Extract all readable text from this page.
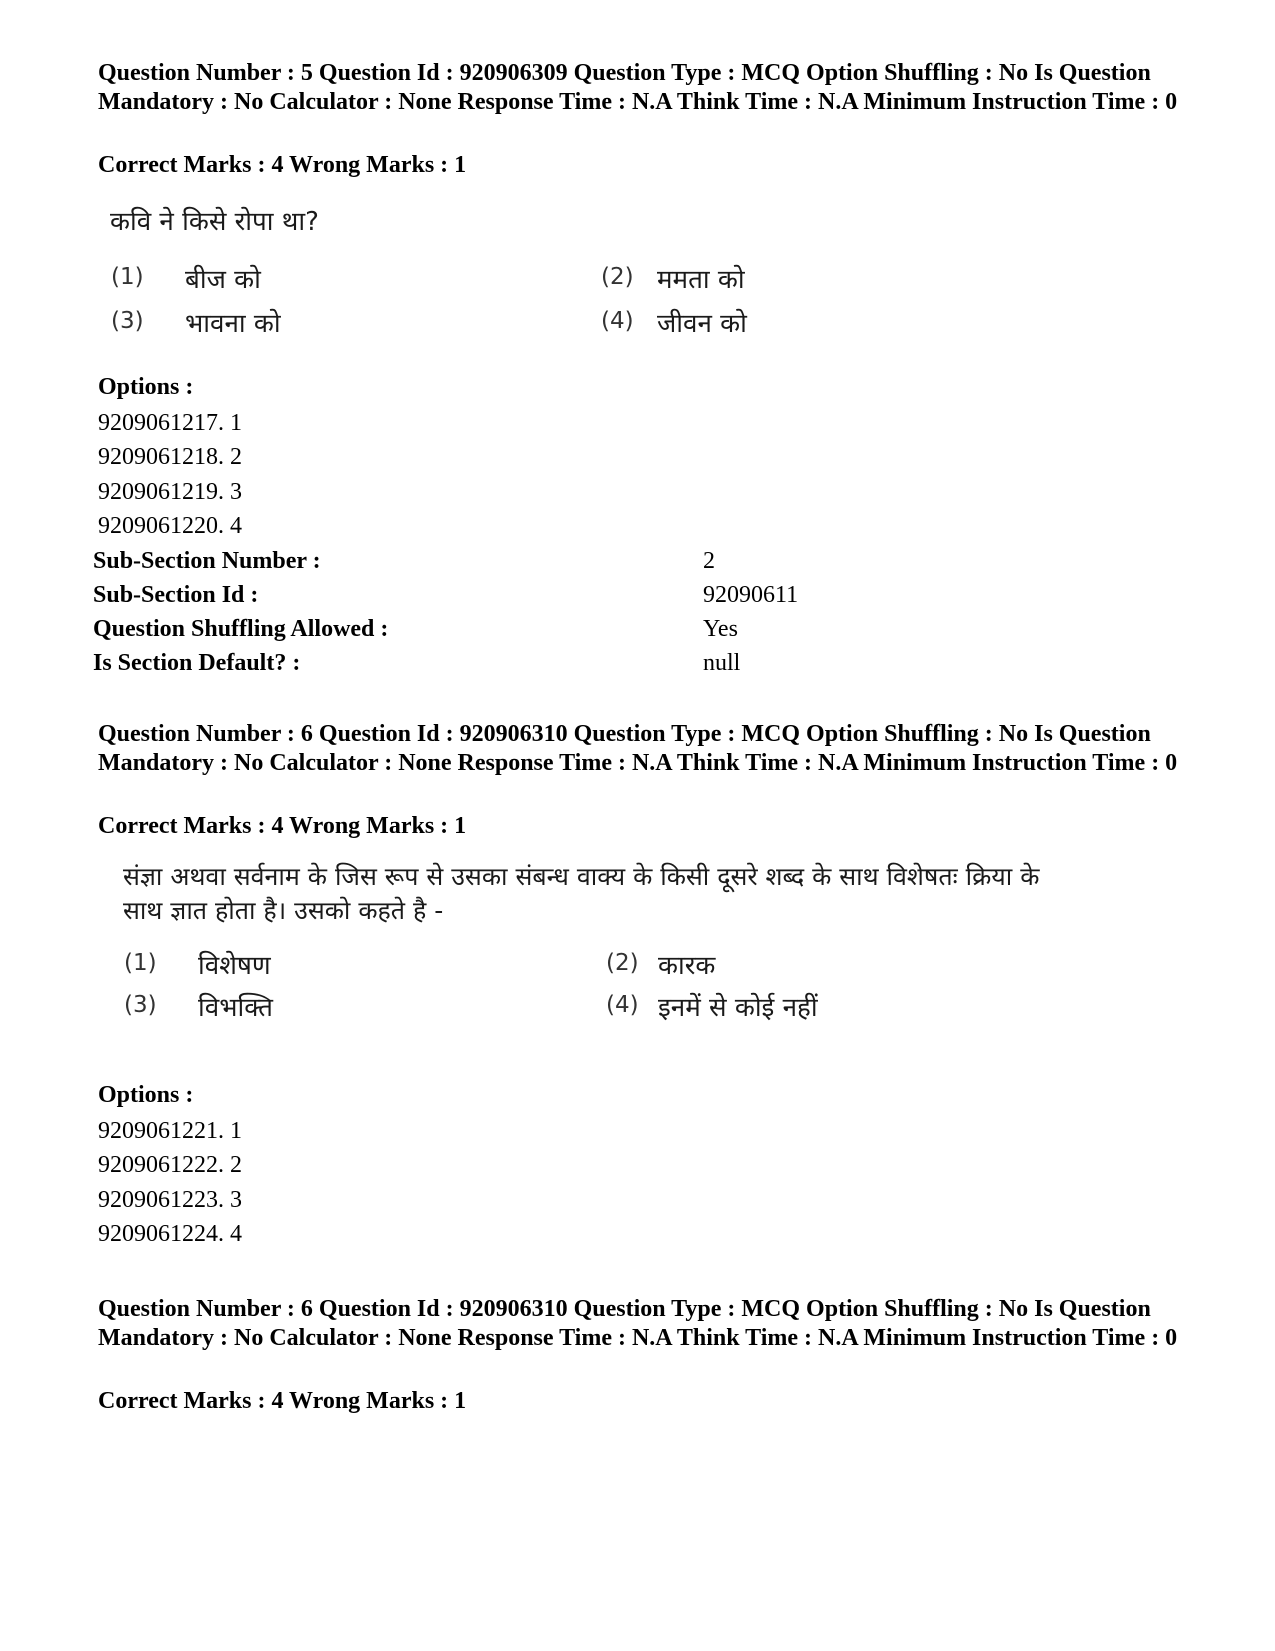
Question Number : 5 Question Id : 920906309 Question Type : MCQ Option Shuffling : No Is Question Mandatory : No Calculator : None Response Time : N.A Think Time : N.A Minimum Instruction Time : 0
Correct Marks : 4 Wrong Marks : 1
कवि ने किसे रोपा था?
(1) बीज को	(2) ममता को
(3) भावना को	(4) जीवन को
Options :
9209061217. 1
9209061218. 2
9209061219. 3
9209061220. 4
Sub-Section Number :	2
Sub-Section Id :	92090611
Question Shuffling Allowed :	Yes
Is Section Default? :	null
Question Number : 6 Question Id : 920906310 Question Type : MCQ Option Shuffling : No Is Question Mandatory : No Calculator : None Response Time : N.A Think Time : N.A Minimum Instruction Time : 0
Correct Marks : 4 Wrong Marks : 1
संज्ञा अथवा सर्वनाम के जिस रूप से उसका संबन्ध वाक्य के किसी दूसरे शब्द के साथ विशेषतः क्रिया के
साथ ज्ञात होता है। उसको कहते है -
(1) विशेषण	(2) कारक
(3) विभक्ति	(4) इनमें से कोई नहीं
Options :
9209061221. 1
9209061222. 2
9209061223. 3
9209061224. 4
Question Number : 6 Question Id : 920906310 Question Type : MCQ Option Shuffling : No Is Question Mandatory : No Calculator : None Response Time : N.A Think Time : N.A Minimum Instruction Time : 0
Correct Marks : 4 Wrong Marks : 1
